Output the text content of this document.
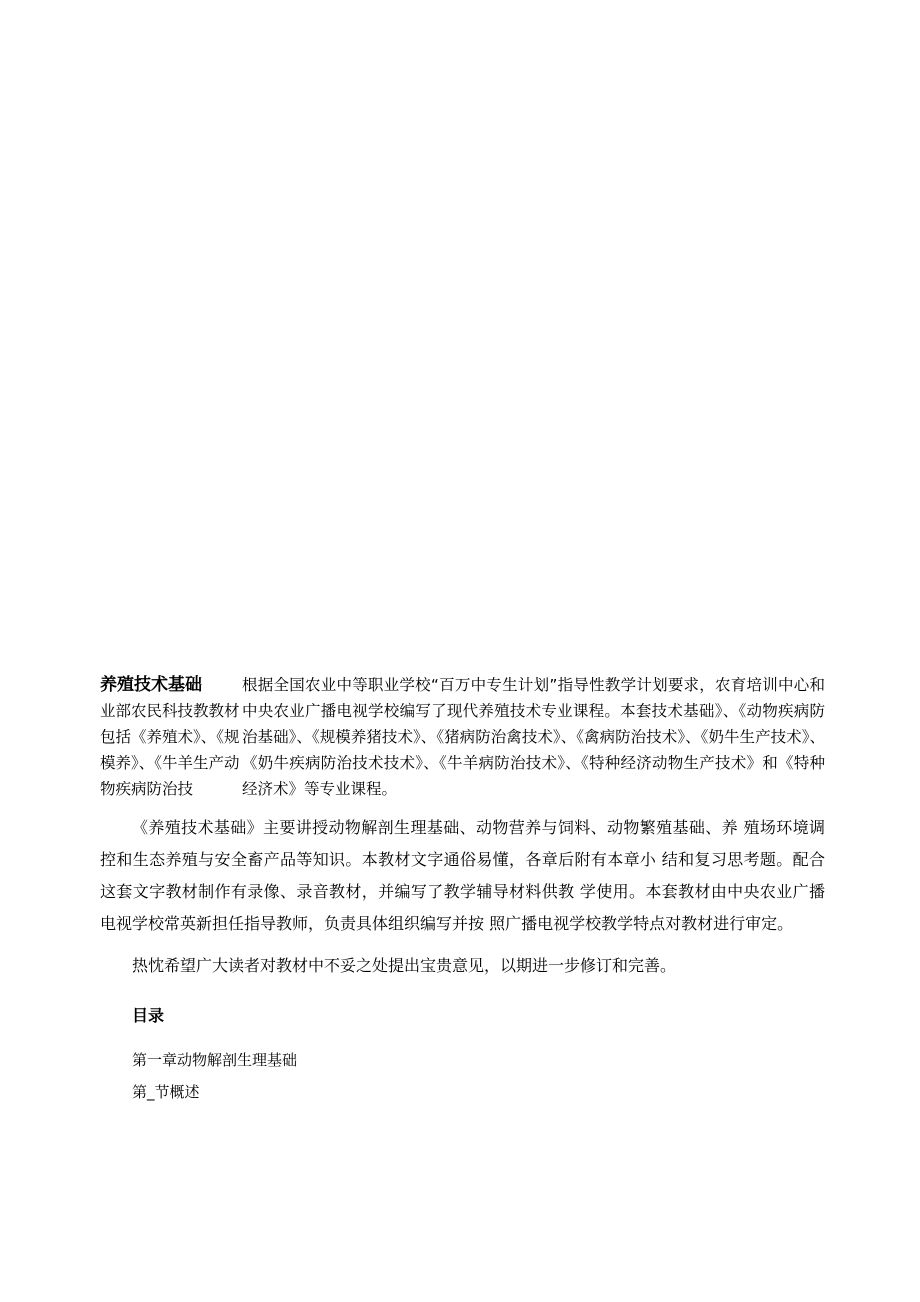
养殖技术基础
业部农民科技教教材包括《养殖术》、《规模养》、《牛羊生产动物疾病防治技

根据全国农业中等职业学校“百万中专生计划”指导性教学计划要求，农育培训中心和中央农业广播电视学校编写了现代养殖技术专业课程。本套技术基础》、《动物疾病防治基础》、《规模养猪技术》、《猪病防治禽技术》、《禽病防治技术》、《奶牛生产技术》、《奶牛疾病防治技术技术》、《牛羊病防治技术》、《特种经济动物生产技术》和《特种经济术》等专业课程。

《养殖技术基础》主要讲授动物解剖生理基础、动物营养与饲料、动物繁殖基础、养 殖场环境调控和生态养殖与安全畜产品等知识。本教材文字通俗易懂，各章后附有本章小 结和复习思考题。配合这套文字教材制作有录像、录音教材，并编写了教学辅导材料供教 学使用。本套教材由中央农业广播电视学校常英新担任指导教师，负责具体组织编写并按 照广播电视学校教学特点对教材进行审定。

热忱希望广大读者对教材中不妥之处提出宝贵意见，以期进一步修订和完善。

目录

第一章动物解剖生理基础

第_节概述
